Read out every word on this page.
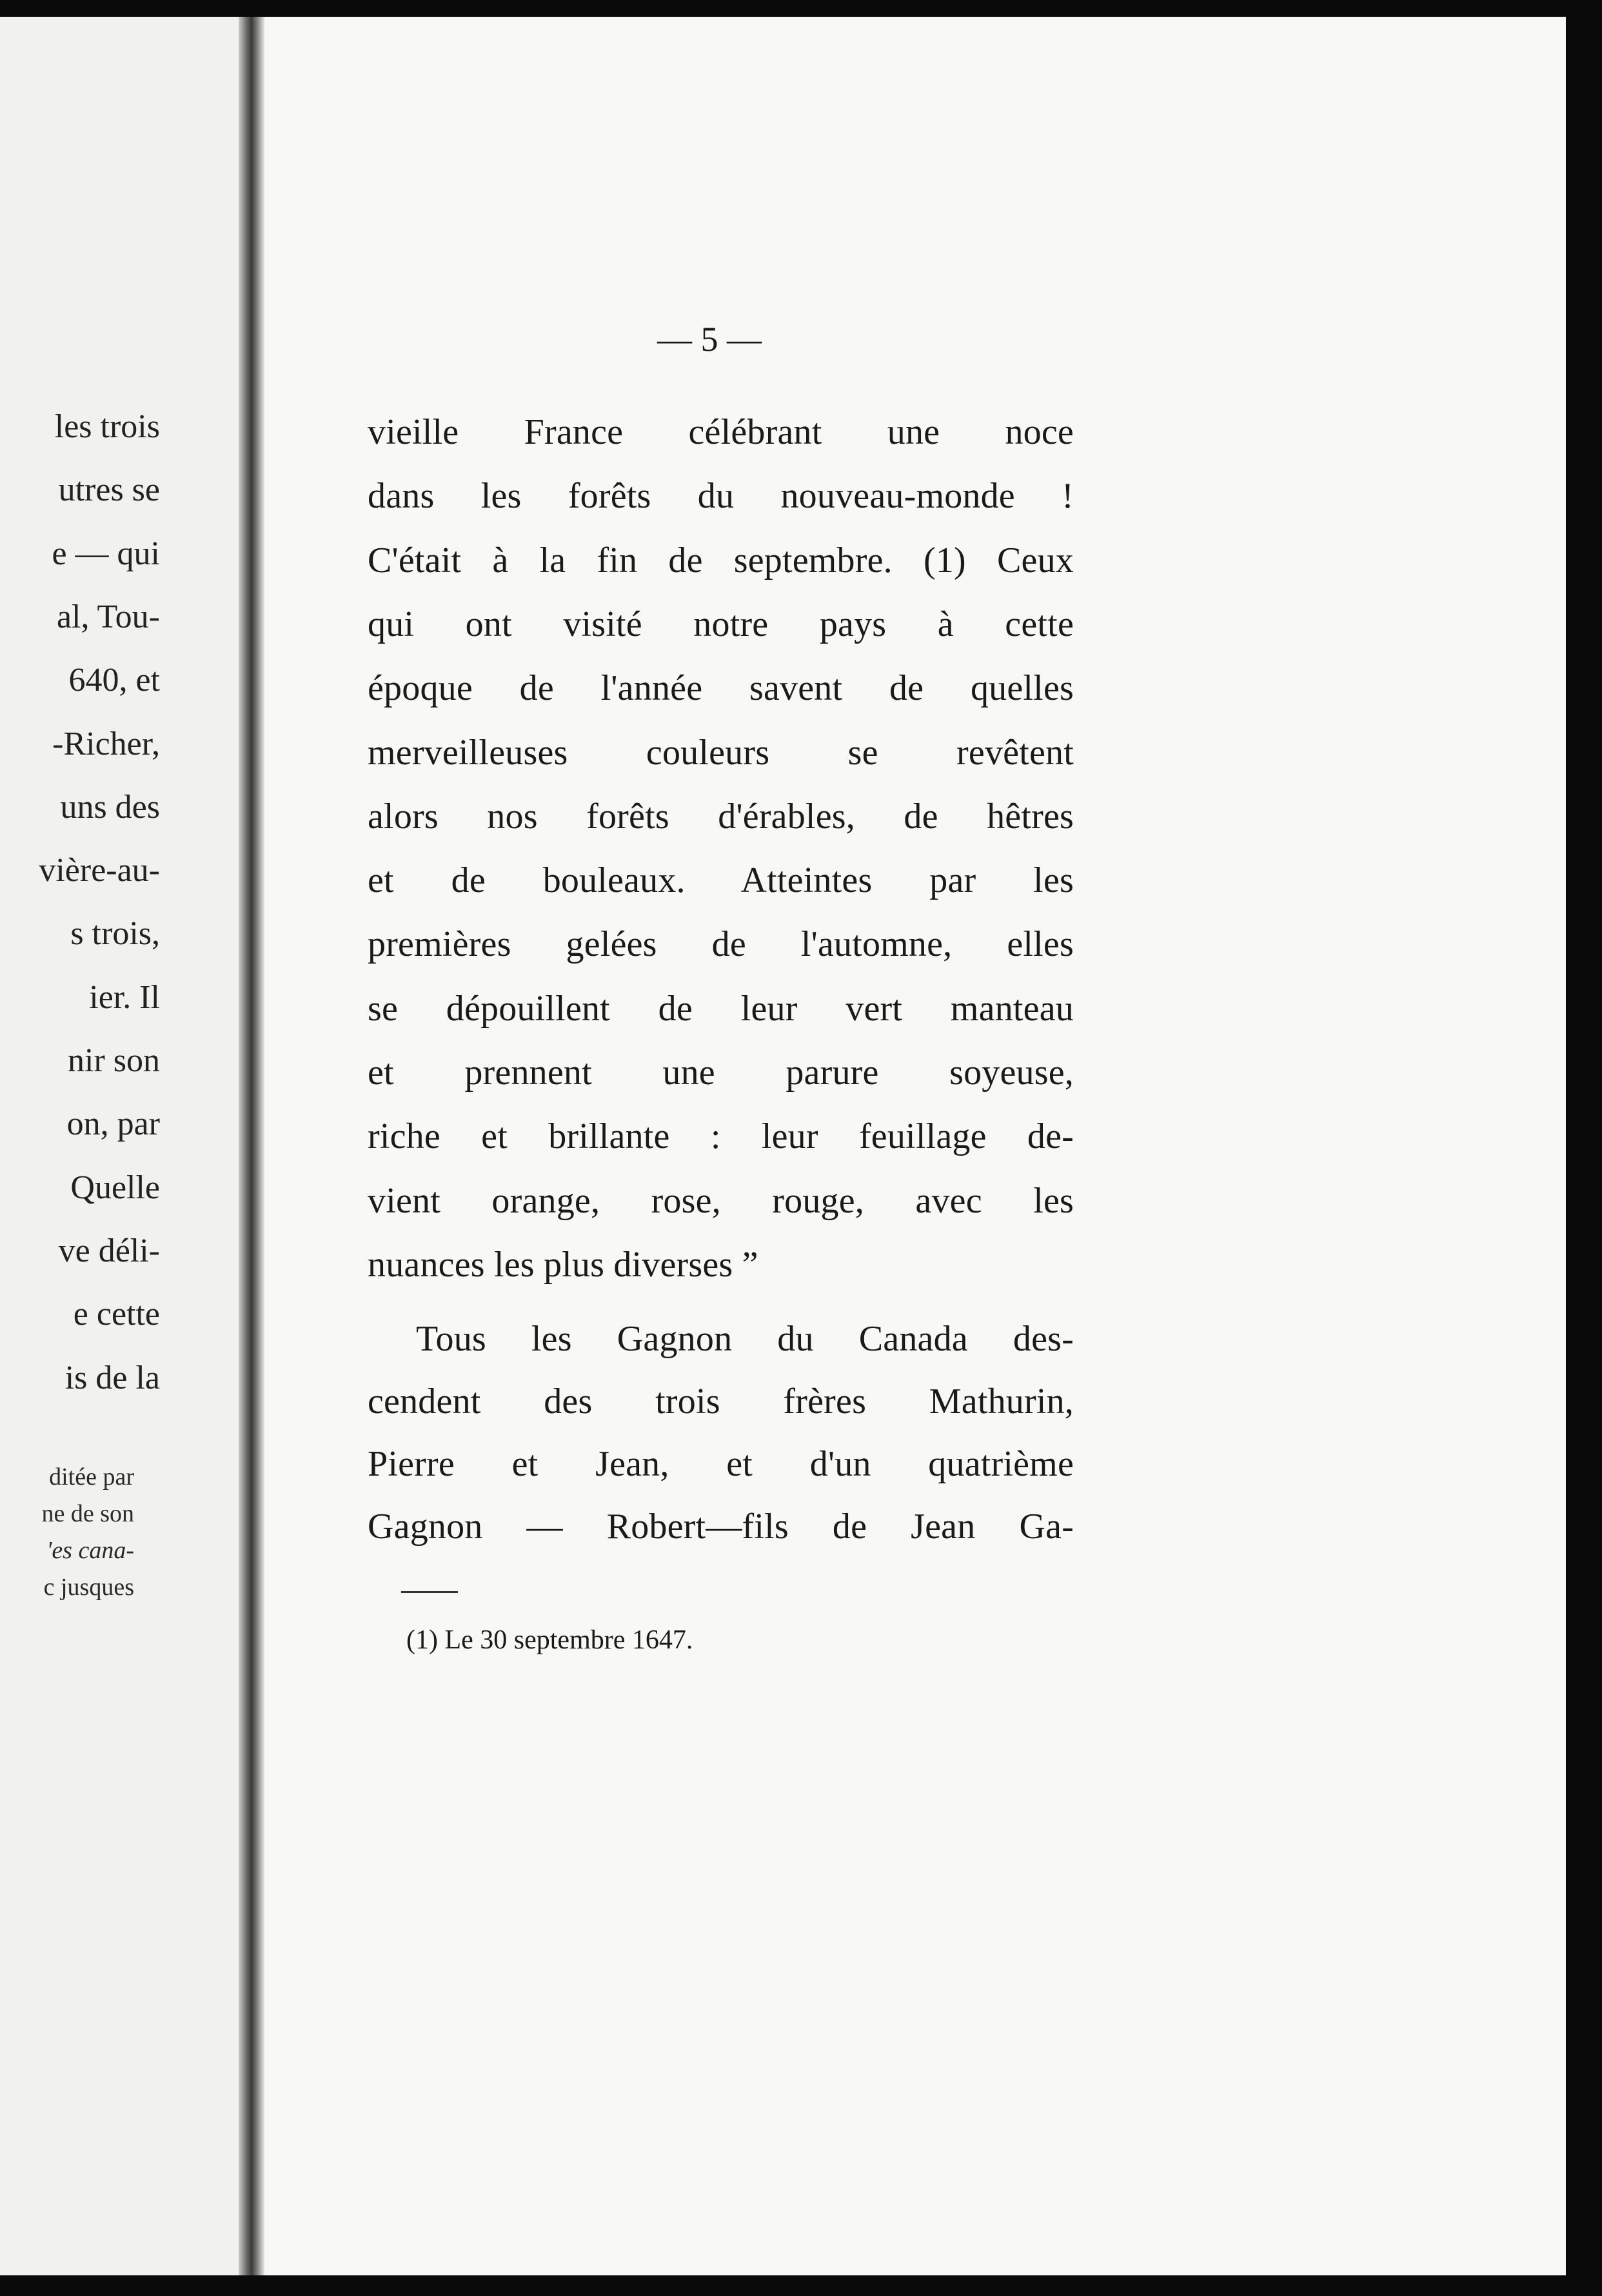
les trois
utres se
e — qui
al, Tou-
640, et
-Richer,
uns des
vière-au-
s trois,
ier. Il
nir son
on, par
Quelle
ve déli-
e cette
is de la
ditée par
ne de son
'es cana-
c jusques
— 5 —
vieille France célébrant une noce
dans les forêts du nouveau-monde !
C'était à la fin de septembre. (1) Ceux
qui ont visité notre pays à cette
époque de l'année savent de quelles
merveilleuses couleurs se revêtent
alors nos forêts d'érables, de hêtres
et de bouleaux. Atteintes par les
premières gelées de l'automne, elles
se dépouillent de leur vert manteau
et prennent une parure soyeuse,
riche et brillante : leur feuillage de-
vient orange, rose, rouge, avec les
nuances les plus diverses ”
Tous les Gagnon du Canada des-
cendent des trois frères Mathurin,
Pierre et Jean, et d'un quatrième
Gagnon — Robert—fils de Jean Ga-
(1) Le 30 septembre 1647.
